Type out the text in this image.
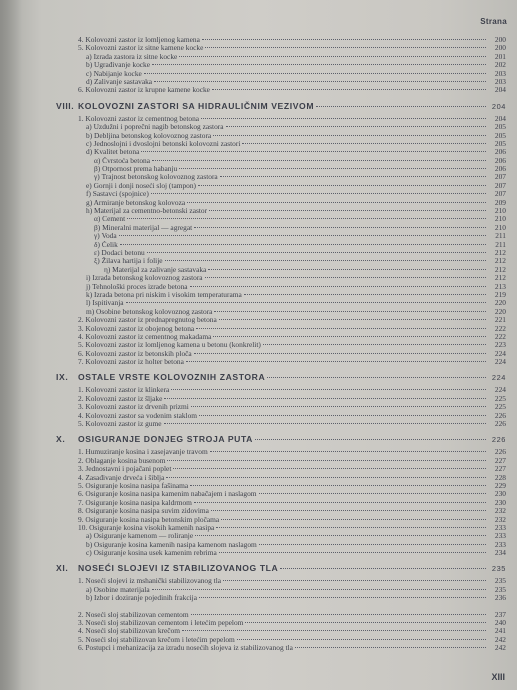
Strana
4. Kolovozni zastor iz lomljenog kamena	200
5. Kolovozni zastor iz sitne kamene kocke	200
a) Izrada zastora iz sitne kocke	201
b) Ugrađivanje kocke	202
c) Nabijanje kocke	203
d) Zalivanje sastavaka	203
6. Kolovozni zastor iz krupne kamene kocke	204
VIII. KOLOVOZNI ZASTORI SA HIDRAULIČNIM VEZIVOM	204
1. Kolovozni zastor iz cementnog betona	204
a) Uzdužni i poprečni nagib betonskog zastora	205
b) Debljina betonskog kolovoznog zastora	205
c) Jednoslojni i dvoslojni betonski kolovozni zastori	205
d) Kvalitet betona	206
α) Čvrstoća betona	206
β) Otpornost prema habanju	206
γ) Trajnost betonskog kolovoznog zastora	207
e) Gornji i donji noseći sloj (tampon)	207
f) Sastavci (spojnice)	207
g) Armiranje betonskog kolovoza	209
h) Materijal za cementno-betonski zastor	210
α) Cement	210
β) Mineralni materijal — agregat	210
γ) Voda	211
δ) Čelik	211
ε) Dodaci betonu	212
ξ) Žilava hartija i folije	212
η) Materijal za zalivanje sastavaka	212
i) Izrada betonskog kolovoznog zastora	212
j) Tehnološki proces izrade betona	213
k) Izrada betona pri niskim i visokim temperaturama	219
l) Ispitivanja	220
m) Osobine betonskog kolovoznog zastora	220
2. Kolovozni zastor iz prednapregnutog betona	221
3. Kolovozni zastor iz obojenog betona	222
4. Kolovozni zastor iz cementnog makadama	222
5. Kolovozni zastor iz lomljenog kamena u betonu (konkrelit)	223
6. Kolovozni zastor iz betonskih ploča	224
7. Kolovozni zastor iz holter betona	224
IX.	OSTALE VRSTE KOLOVOZNIH ZASTORA	224
1. Kolovozni zastor iz klinkera	224
2. Kolovozni zastor iz šljake	225
3. Kolovozni zastor iz drvenih prizmi	225
4. Kolovozni zastor sa vodenim staklom	226
5. Kolovozni zastor iz gume	226
X.	OSIGURANJE DONJEG STROJA PUTA	226
1. Humuziranje kosina i zasejavanje travom	226
2. Oblaganje kosina busenom	227
3. Jednostavni i pojačani poplet	227
4. Zasađivanje drveća i šiblja	228
5. Osiguranje kosina nasipa fašinama	229
6. Osiguranje kosina nasipa kamenim nabačajem i naslagom	230
7. Osiguranje kosina nasipa kaldrmom	230
8. Osiguranje kosina nasipa suvim zidovima	232
9. Osiguranje kosina nasipa betonskim pločama	232
10. Osiguranje kosina visokih kamenih nasipa	233
a) Osiguranje kamenom — roliranje	233
b) Osiguranje kosina kamenih nasipa kamenom naslagom	233
c) Osiguranje kosina usek kamenim rebrima	234
XI.	NOSEĆI SLOJEVI IZ STABILIZOVANOG TLA	235
1. Noseći slojevi iz mshanički stabilizovanog tla	235
a) Osobine materijala	235
b) Izbor i doziranje pojedinih frakcija	236
2. Noseći sloj stabilizovan cementom	237
3. Noseći sloj stabilizovan cementom i letećim pepelom	240
4. Noseći sloj stabilizovan krečom	241
5. Noseći sloj stabilizovan krečom i letećim pepelom	242
6. Postupci i mehanizacija za izradu nosećih slojeva iz stabilizovanog tla	242
XIII
